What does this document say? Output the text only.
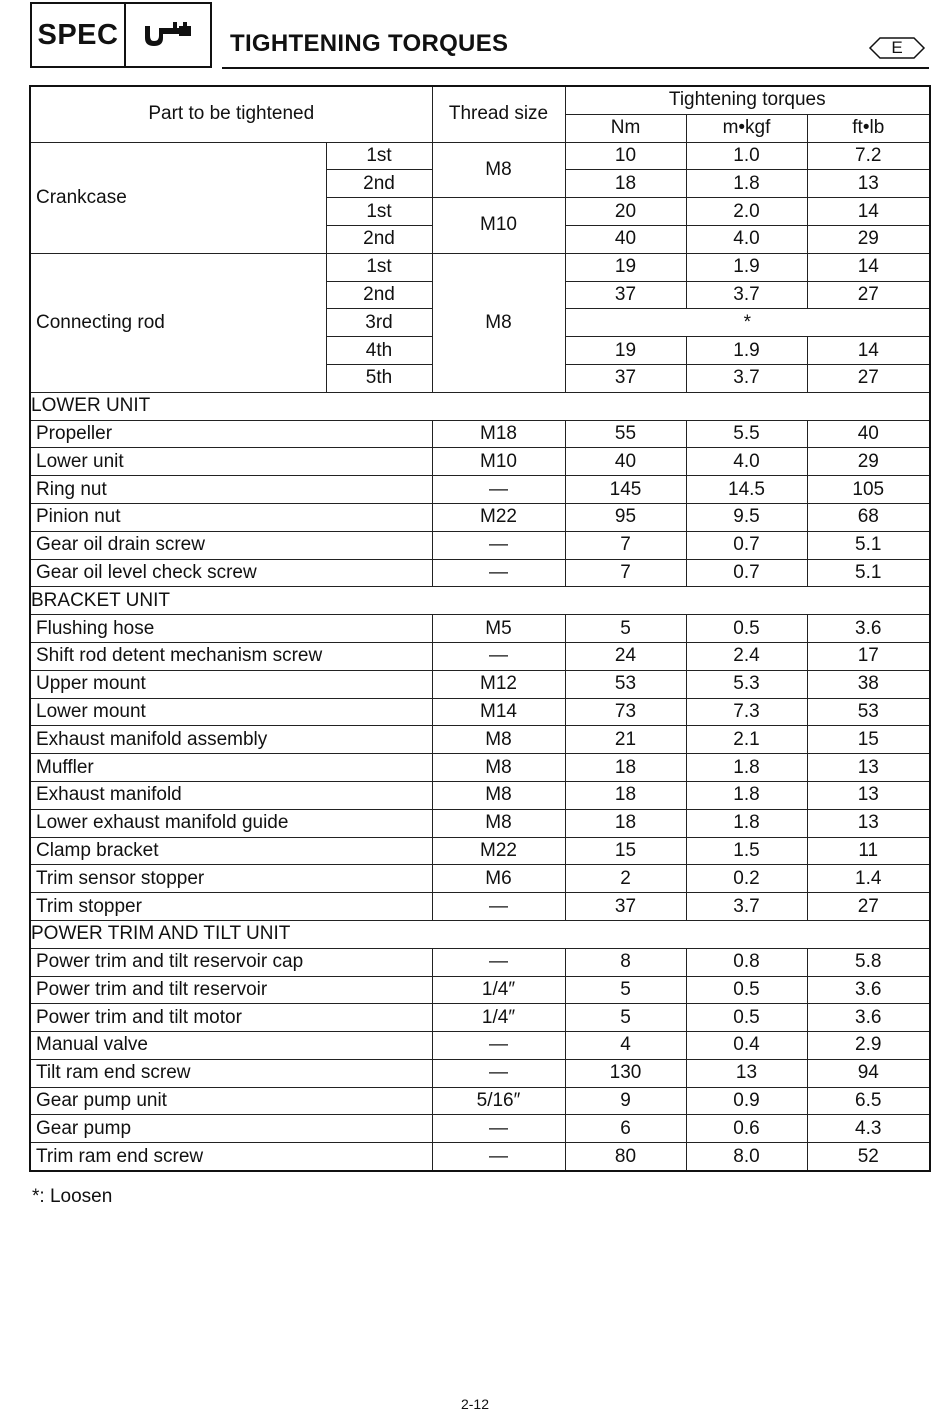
SPEC	TIGHTENING TORQUES	E
Part to be tightened		Thread size	Tightening torques		
			Nm	m•kgf	ft•lb
Crankcase	1st	M8	10	1.0	7.2
	2nd		18	1.8	13
	1st	M10	20	2.0	14
	2nd		40	4.0	29
Connecting rod	1st	M8	19	1.9	14
	2nd		37	3.7	27
	3rd		*		
	4th		19	1.9	14
	5th		37	3.7	27
LOWER UNIT					
Propeller		M18	55	5.5	40
Lower unit		M10	40	4.0	29
Ring nut		—	145	14.5	105
Pinion nut		M22	95	9.5	68
Gear oil drain screw		—	7	0.7	5.1
Gear oil level check screw		—	7	0.7	5.1
BRACKET UNIT					
Flushing hose		M5	5	0.5	3.6
Shift rod detent mechanism screw		—	24	2.4	17
Upper mount		M12	53	5.3	38
Lower mount		M14	73	7.3	53
Exhaust manifold assembly		M8	21	2.1	15
Muffler		M8	18	1.8	13
Exhaust manifold		M8	18	1.8	13
Lower exhaust manifold guide		M8	18	1.8	13
Clamp bracket		M22	15	1.5	11
Trim sensor stopper		M6	2	0.2	1.4
Trim stopper		—	37	3.7	27
POWER TRIM AND TILT UNIT					
Power trim and tilt reservoir cap		—	8	0.8	5.8
Power trim and tilt reservoir		1/4″	5	0.5	3.6
Power trim and tilt motor		1/4″	5	0.5	3.6
Manual valve		—	4	0.4	2.9
Tilt ram end screw		—	130	13	94
Gear pump unit		5/16″	9	0.9	6.5
Gear pump		—	6	0.6	4.3
Trim ram end screw		—	80	8.0	52
*: Loosen
2-12
